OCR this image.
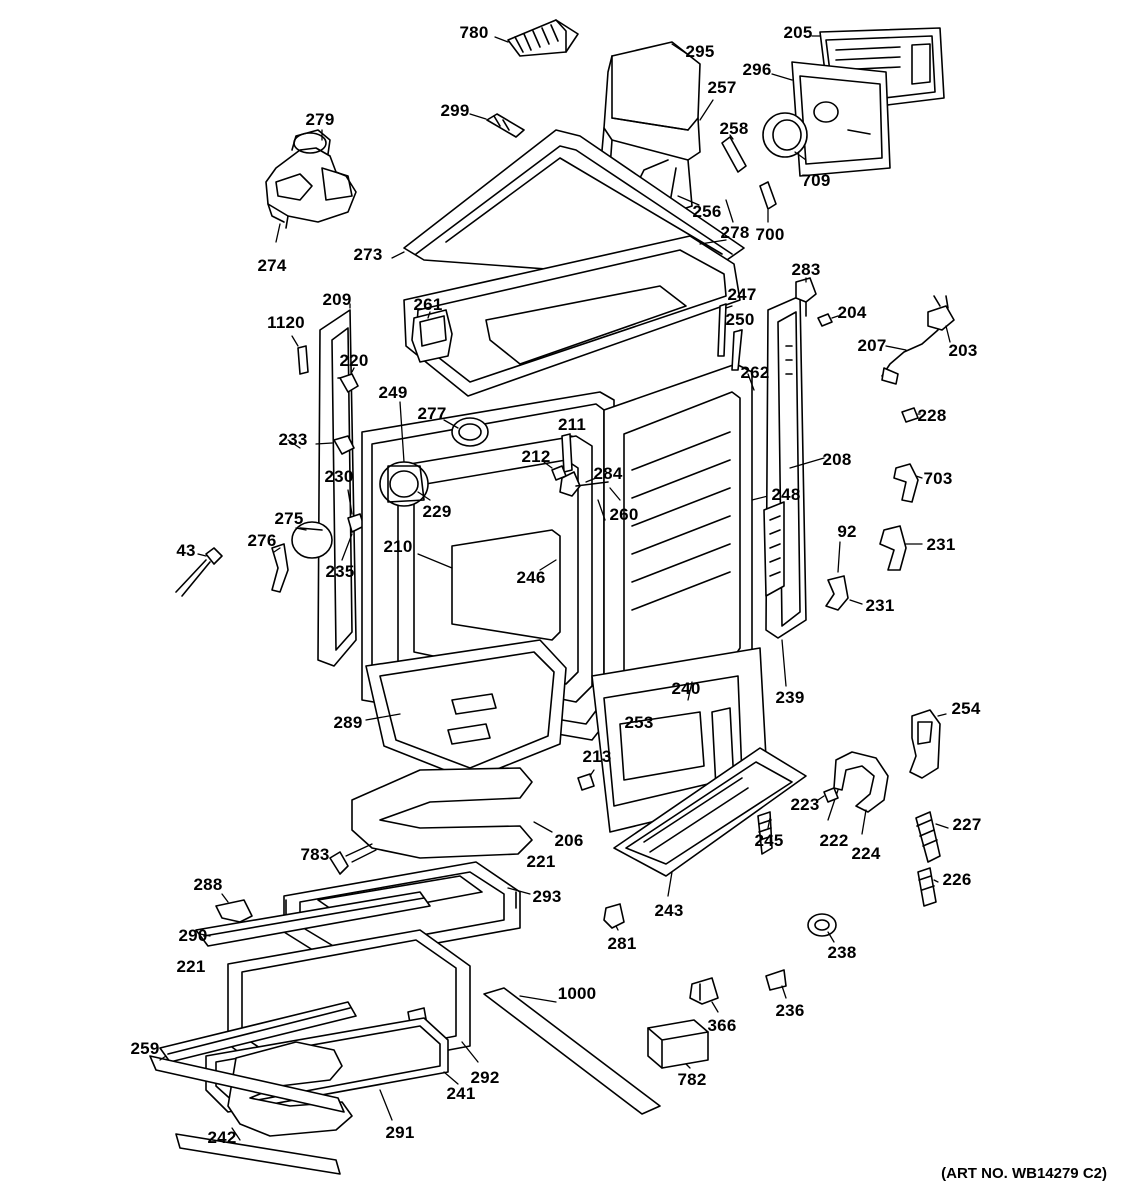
780
295
205
296
257
299
279	258
709
256
700
278
273
274	283
209	247
261	204
1120	250
207	203
220
262
249
277	228
211
233
208
212
284
230	703
248
229	260
275
92
231
210
276
43
235	246
231
239
240
289	253
254
213
223
227
222
224
245
206
783	221
226
288
293
243
290	281	238
221
236
1000
366
259
292	782
241
291
242
(ART NO. WB14279 C2)
